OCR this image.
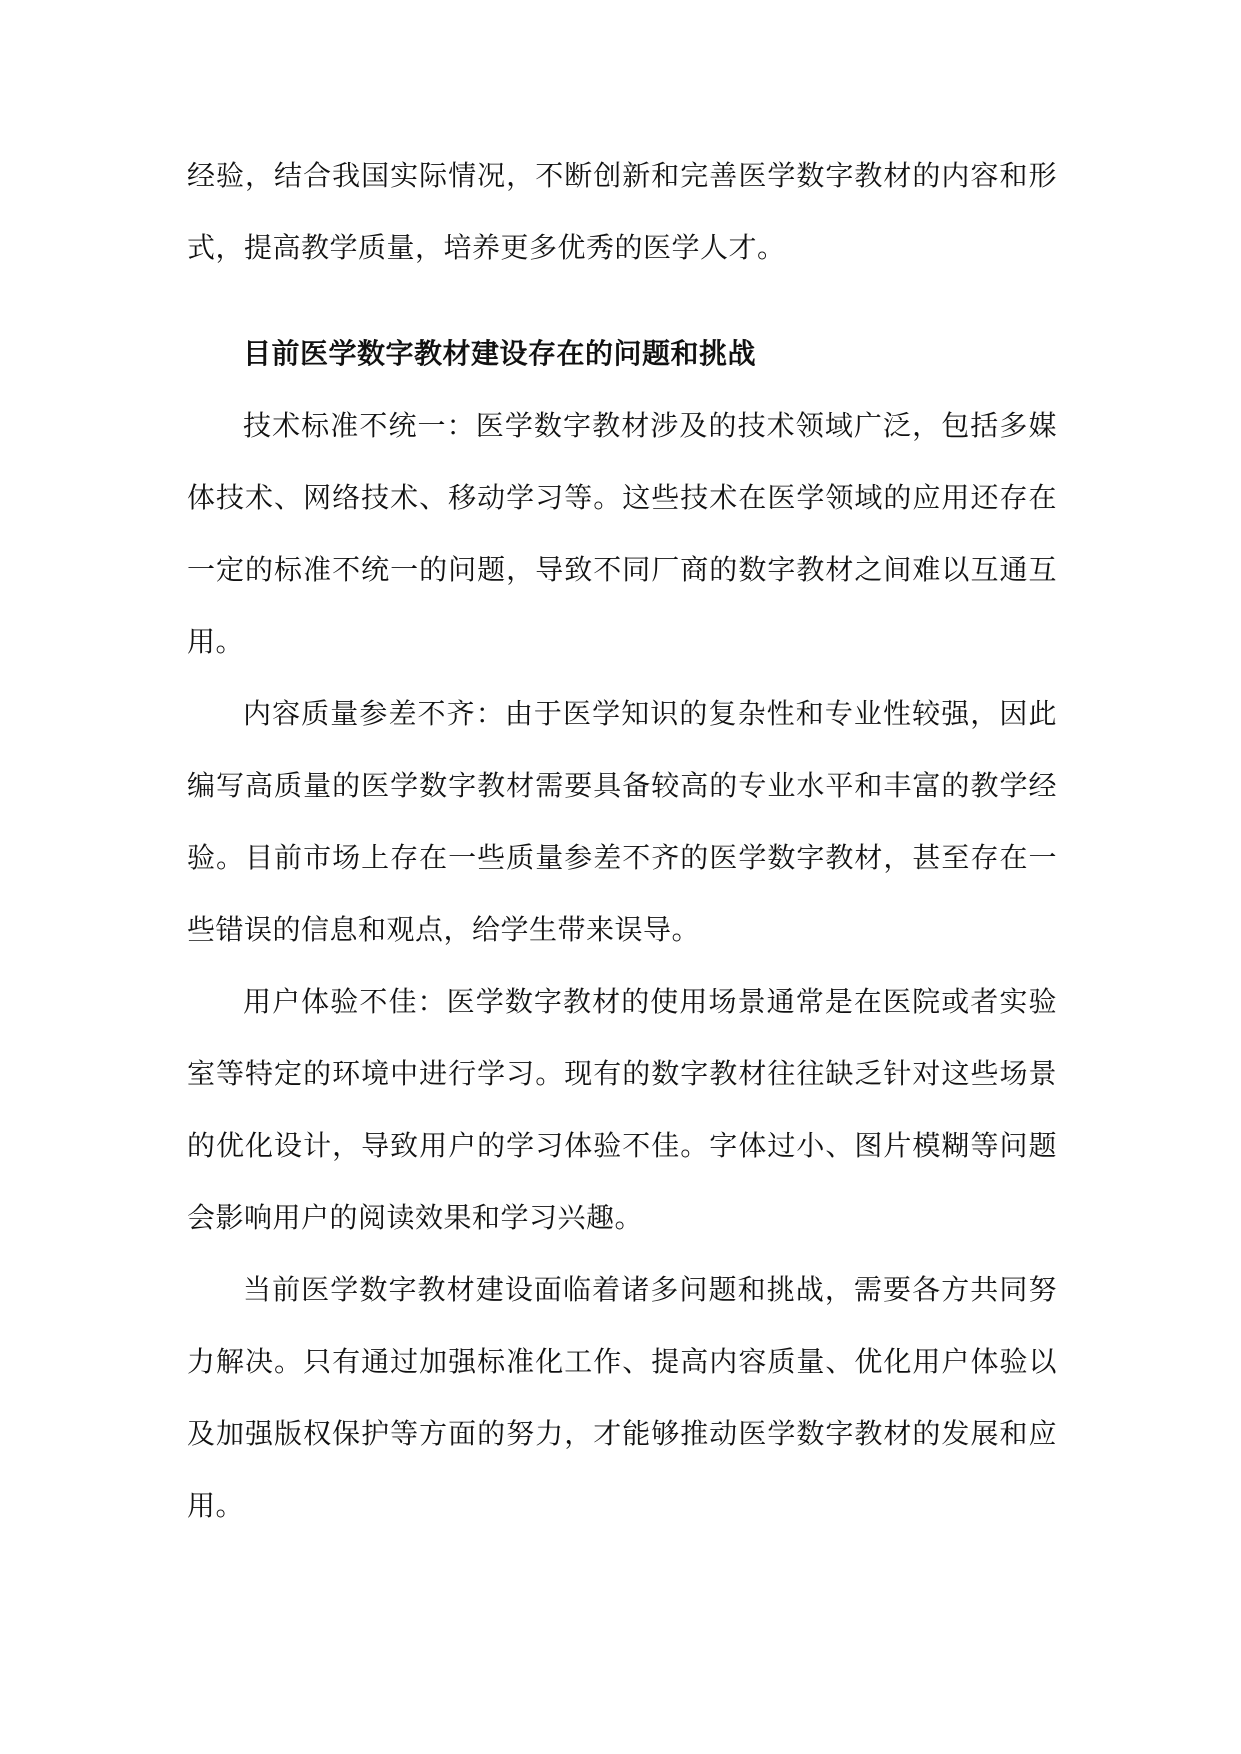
经验，结合我国实际情况，不断创新和完善医学数字教材的内容和形式，提高教学质量，培养更多优秀的医学人才。

目前医学数字教材建设存在的问题和挑战

技术标准不统一：医学数字教材涉及的技术领域广泛，包括多媒体技术、网络技术、移动学习等。这些技术在医学领域的应用还存在一定的标准不统一的问题，导致不同厂商的数字教材之间难以互通互用。

内容质量参差不齐：由于医学知识的复杂性和专业性较强，因此编写高质量的医学数字教材需要具备较高的专业水平和丰富的教学经验。目前市场上存在一些质量参差不齐的医学数字教材，甚至存在一些错误的信息和观点，给学生带来误导。

用户体验不佳：医学数字教材的使用场景通常是在医院或者实验室等特定的环境中进行学习。现有的数字教材往往缺乏针对这些场景的优化设计，导致用户的学习体验不佳。字体过小、图片模糊等问题会影响用户的阅读效果和学习兴趣。

当前医学数字教材建设面临着诸多问题和挑战，需要各方共同努力解决。只有通过加强标准化工作、提高内容质量、优化用户体验以及加强版权保护等方面的努力，才能够推动医学数字教材的发展和应用。
